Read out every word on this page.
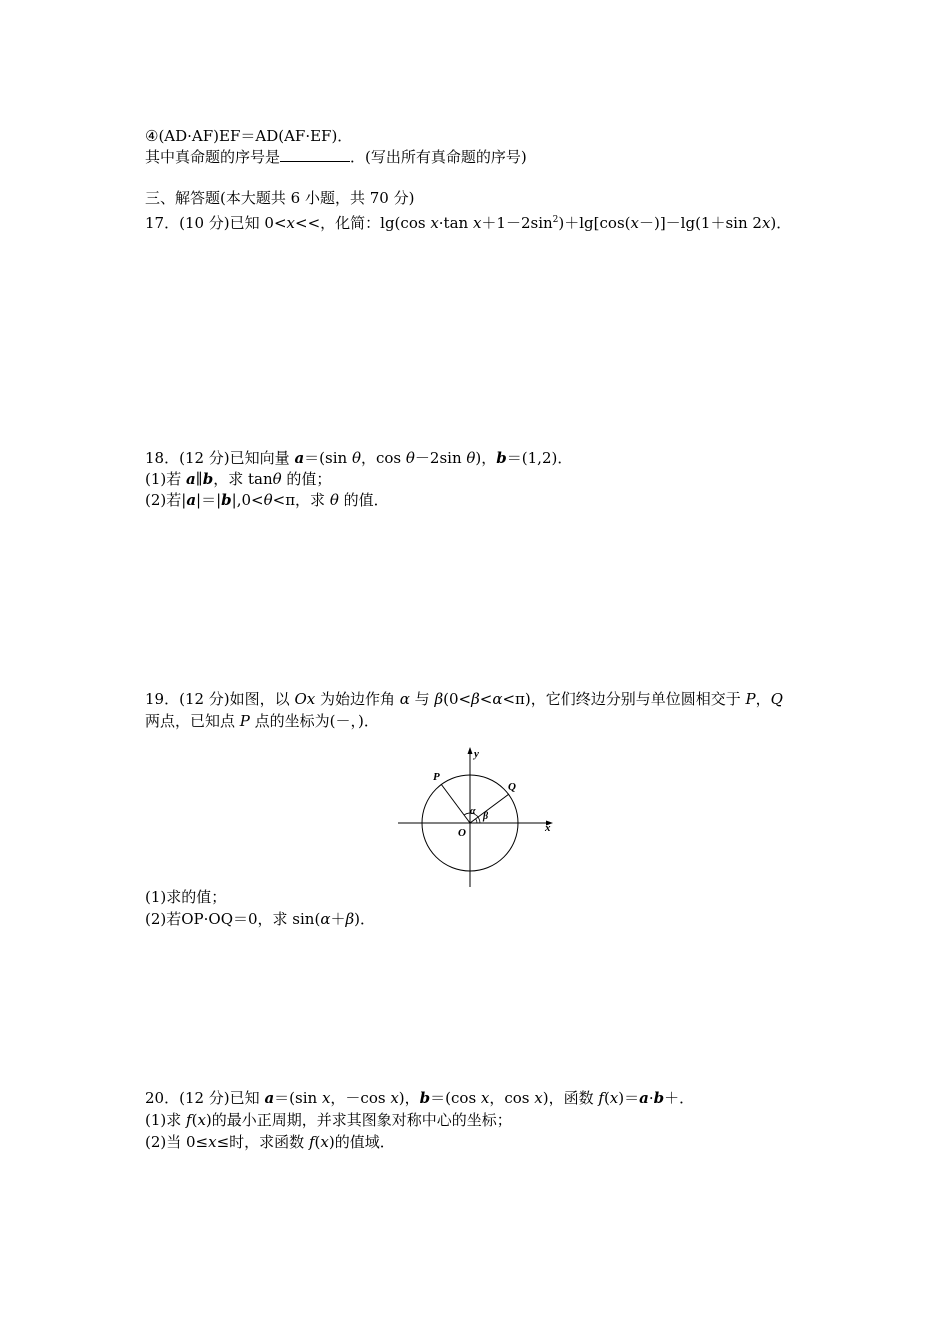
④(AD·AF)EF＝AD(AF·EF)．
其中真命题的序号是	．(写出所有真命题的序号)
三、解答题(本大题共 6 小题，共 70 分)
17．(10 分)已知 0<x<<，化简：lg(cos x·tan $x+1-2\sin^2)+\lg[\cos(x-)]-\lg(1+\sin$ 2x)．
18．(12 分)已知向量 a＝(sin θ，cos θ－2sin θ)，b＝(1,2)．
(1)若 a∥b，求 tanθ 的值；
(2)若|a|＝|b|,0<θ<π，求 θ 的值．
19．(12 分)如图，以 Ox 为始边作角 α 与 β(0<β<α<π)，它们终边分别与单位圆相交于 P，Q
两点，已知点 P 点的坐标为(－，)．
y
x
O
P
Q
α β
(1)求的值；
(2)若OP·OQ＝0，求 sin(α＋β)．
20．(12 分)已知 a＝(sin x，－cos x)，b＝(cos x，cos x)，函数 f(x)＝a·b＋．
(1)求 f(x)的最小正周期，并求其图象对称中心的坐标；
(2)当 0≤x≤时，求函数 f(x)的值域．
